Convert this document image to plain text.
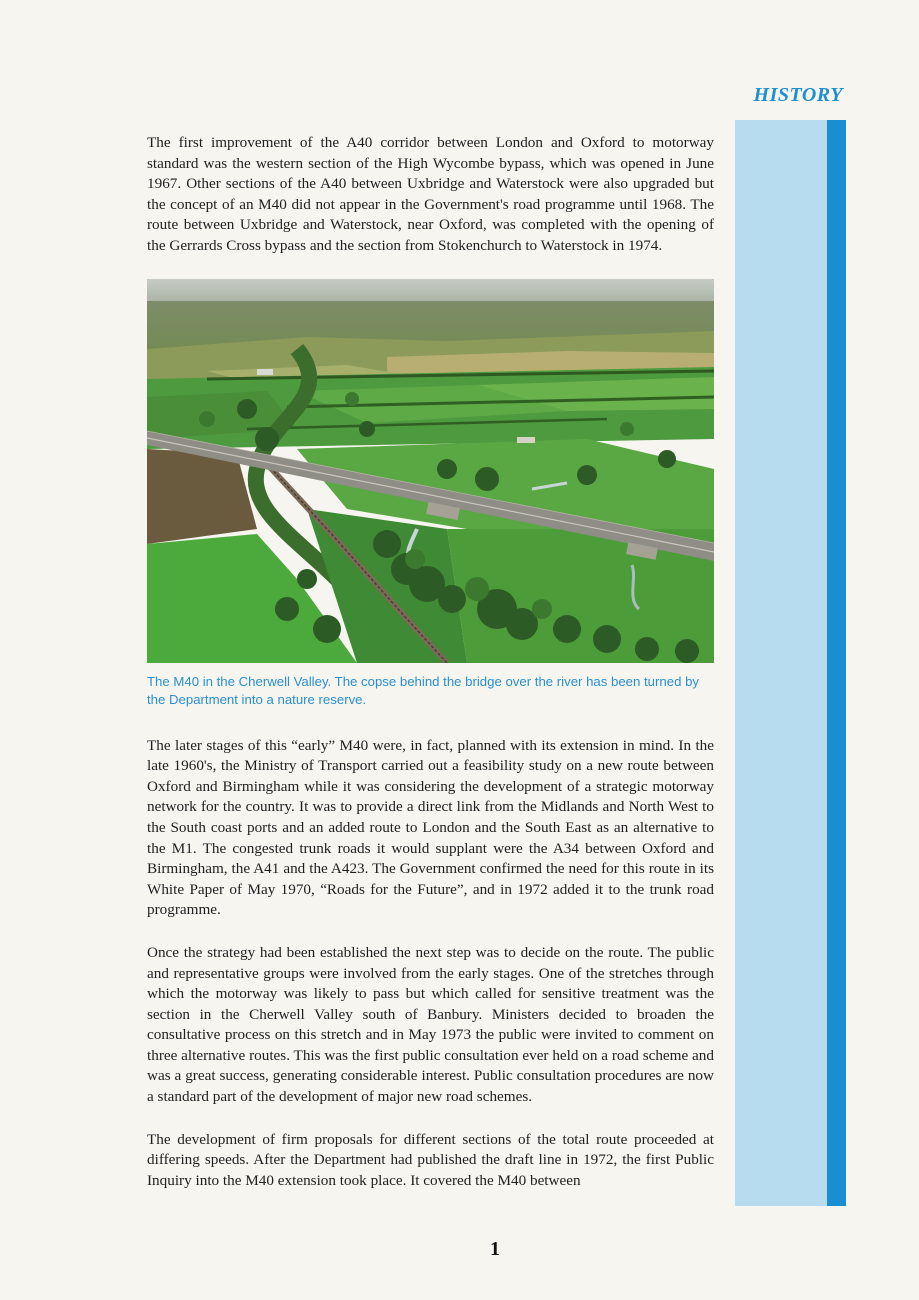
HISTORY

The first improvement of the A40 corridor between London and Oxford to motorway standard was the western section of the High Wycombe bypass, which was opened in June 1967. Other sections of the A40 between Uxbridge and Waterstock were also upgraded but the concept of an M40 did not appear in the Government's road programme until 1968. The route between Uxbridge and Waterstock, near Oxford, was completed with the opening of the Gerrards Cross bypass and the section from Stokenchurch to Waterstock in 1974.

The M40 in the Cherwell Valley. The copse behind the bridge over the river has been turned by the Department into a nature reserve.

The later stages of this “early” M40 were, in fact, planned with its extension in mind. In the late 1960's, the Ministry of Transport carried out a feasibility study on a new route between Oxford and Birmingham while it was considering the development of a strategic motorway network for the country. It was to provide a direct link from the Midlands and North West to the South coast ports and an added route to London and the South East as an alternative to the M1. The congested trunk roads it would supplant were the A34 between Oxford and Birmingham, the A41 and the A423. The Government confirmed the need for this route in its White Paper of May 1970, “Roads for the Future”, and in 1972 added it to the trunk road programme.

Once the strategy had been established the next step was to decide on the route. The public and representative groups were involved from the early stages. One of the stretches through which the motorway was likely to pass but which called for sensitive treatment was the section in the Cherwell Valley south of Banbury. Ministers decided to broaden the consultative process on this stretch and in May 1973 the public were invited to comment on three alternative routes. This was the first public consultation ever held on a road scheme and was a great success, generating considerable interest. Public consultation procedures are now a standard part of the development of major new road schemes.

The development of firm proposals for different sections of the total route proceeded at differing speeds. After the Department had published the draft line in 1972, the first Public Inquiry into the M40 extension took place. It covered the M40 between

1
